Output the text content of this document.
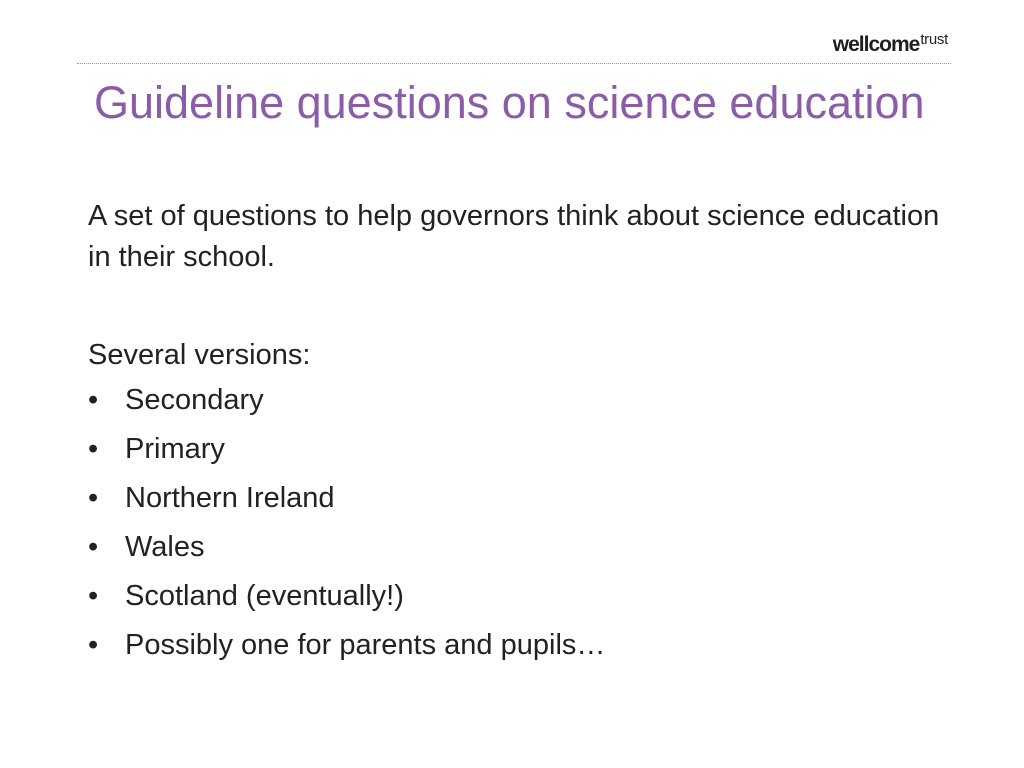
wellcometrust
Guideline questions on science education

A set of questions to help governors think about science education in their school.

Several versions:

• Secondary
• Primary
• Northern Ireland
• Wales
• Scotland (eventually!)
• Possibly one for parents and pupils…
